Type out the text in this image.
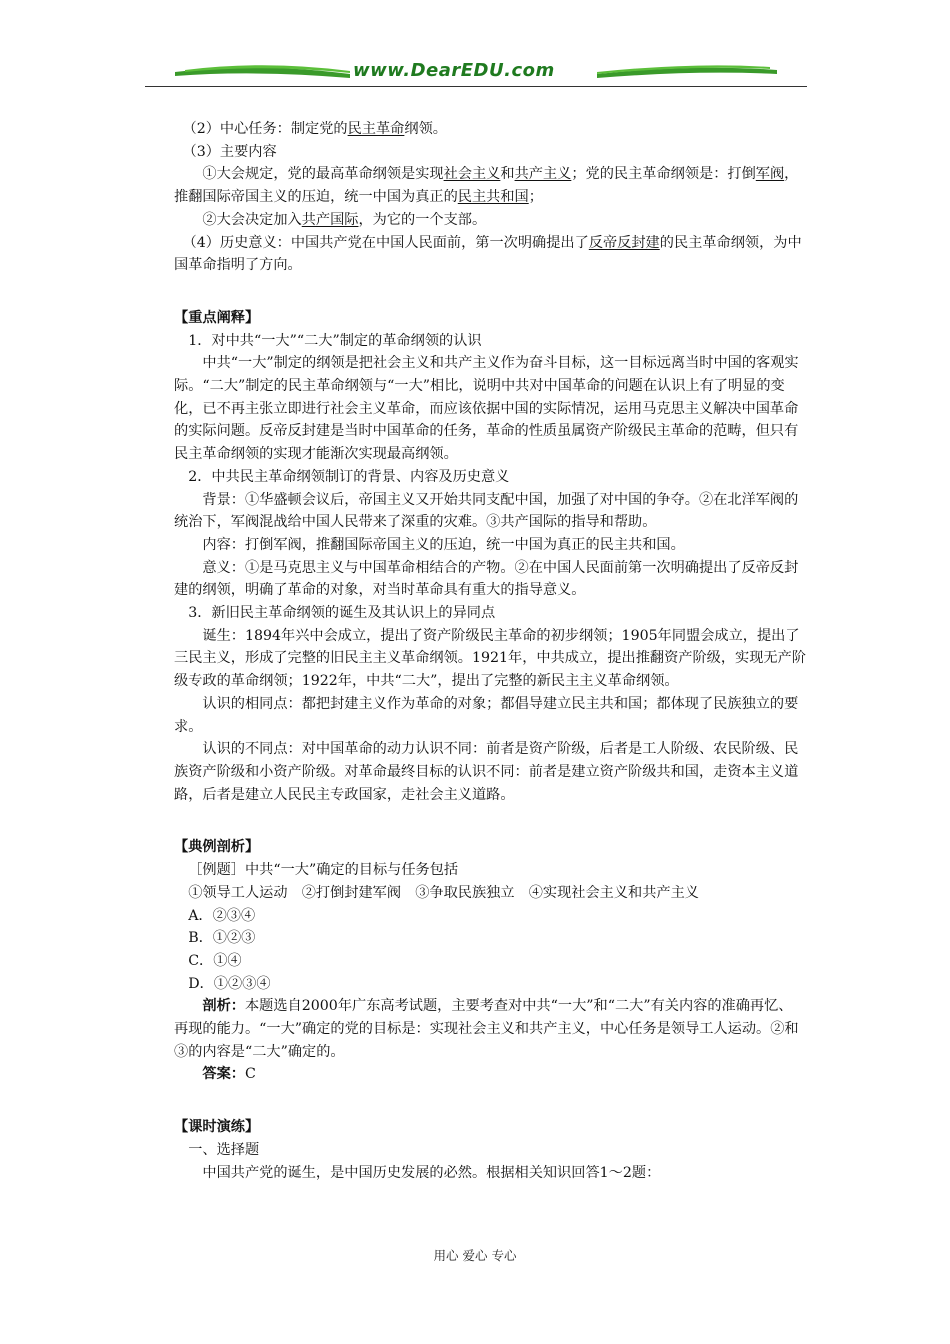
www.DearEDU.com

（2）中心任务：制定党的民主革命纲领。

（3）主要内容

①大会规定，党的最高革命纲领是实现社会主义和共产主义；党的民主革命纲领是：打倒军阀，推翻国际帝国主义的压迫，统一中国为真正的民主共和国；

②大会决定加入共产国际，为它的一个支部。

（4）历史意义：中国共产党在中国人民面前，第一次明确提出了反帝反封建的民主革命纲领，为中国革命指明了方向。

【重点阐释】

1．对中共“一大”“二大”制定的革命纲领的认识

中共“一大”制定的纲领是把社会主义和共产主义作为奋斗目标，这一目标远离当时中国的客观实际。“二大”制定的民主革命纲领与“一大”相比，说明中共对中国革命的问题在认识上有了明显的变化，已不再主张立即进行社会主义革命，而应该依据中国的实际情况，运用马克思主义解决中国革命的实际问题。反帝反封建是当时中国革命的任务，革命的性质虽属资产阶级民主革命的范畴，但只有民主革命纲领的实现才能渐次实现最高纲领。

2．中共民主革命纲领制订的背景、内容及历史意义

背景：①华盛顿会议后，帝国主义又开始共同支配中国，加强了对中国的争夺。②在北洋军阀的统治下，军阀混战给中国人民带来了深重的灾难。③共产国际的指导和帮助。

内容：打倒军阀，推翻国际帝国主义的压迫，统一中国为真正的民主共和国。

意义：①是马克思主义与中国革命相结合的产物。②在中国人民面前第一次明确提出了反帝反封建的纲领，明确了革命的对象，对当时革命具有重大的指导意义。

3．新旧民主革命纲领的诞生及其认识上的异同点

诞生：1894年兴中会成立，提出了资产阶级民主革命的初步纲领；1905年同盟会成立，提出了三民主义，形成了完整的旧民主主义革命纲领。1921年，中共成立，提出推翻资产阶级，实现无产阶级专政的革命纲领；1922年，中共“二大”，提出了完整的新民主主义革命纲领。

认识的相同点：都把封建主义作为革命的对象；都倡导建立民主共和国；都体现了民族独立的要求。

认识的不同点：对中国革命的动力认识不同：前者是资产阶级，后者是工人阶级、农民阶级、民族资产阶级和小资产阶级。对革命最终目标的认识不同：前者是建立资产阶级共和国，走资本主义道路，后者是建立人民民主专政国家，走社会主义道路。

【典例剖析】

［例题］中共“一大”确定的目标与任务包括

①领导工人运动　②打倒封建军阀　③争取民族独立　④实现社会主义和共产主义

A．②③④

B．①②③

C．①④

D．①②③④

剖析：本题选自2000年广东高考试题，主要考查对中共“一大”和“二大”有关内容的准确再忆、再现的能力。“一大”确定的党的目标是：实现社会主义和共产主义，中心任务是领导工人运动。②和③的内容是“二大”确定的。

答案：C

【课时演练】

一、选择题

中国共产党的诞生，是中国历史发展的必然。根据相关知识回答1～2题：

用心 爱心 专心
